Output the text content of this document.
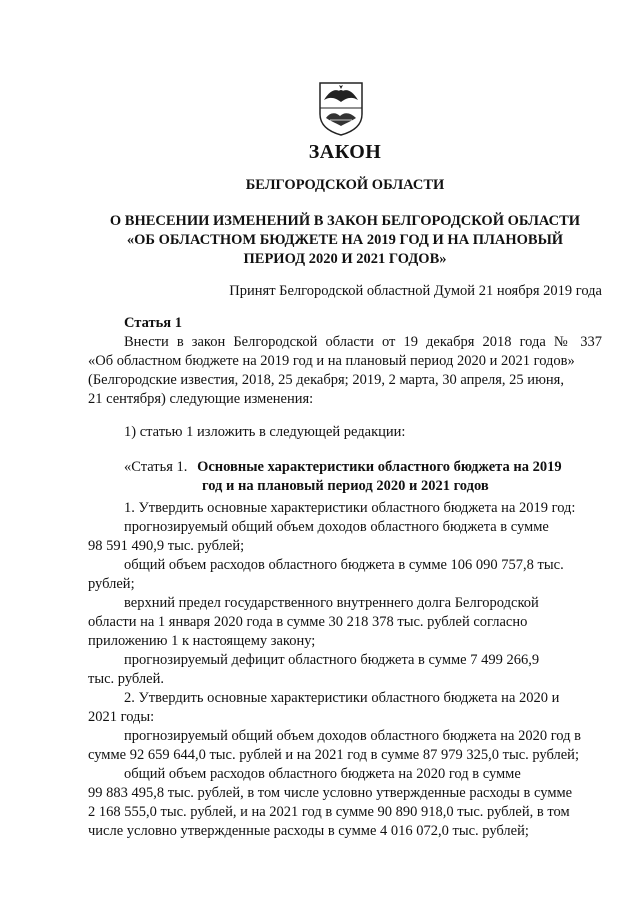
ЗАКОН
БЕЛГОРОДСКОЙ ОБЛАСТИ
О ВНЕСЕНИИ ИЗМЕНЕНИЙ В ЗАКОН БЕЛГОРОДСКОЙ ОБЛАСТИ
«ОБ ОБЛАСТНОМ БЮДЖЕТЕ НА 2019 ГОД И НА ПЛАНОВЫЙ
ПЕРИОД 2020 И 2021 ГОДОВ»
Принят Белгородской областной Думой 21 ноября 2019 года
Статья 1
Внести в закон Белгородской области от 19 декабря 2018 года № 337
«Об областном бюджете на 2019 год и на плановый период 2020 и 2021 годов»
(Белгородские известия, 2018, 25 декабря; 2019, 2 марта, 30 апреля, 25 июня,
21 сентября) следующие изменения:
1) статью 1 изложить в следующей редакции:
«Статья 1. Основные характеристики областного бюджета на 2019
год и на плановый период 2020 и 2021 годов
1. Утвердить основные характеристики областного бюджета на 2019 год:
прогнозируемый общий объем доходов областного бюджета в сумме
98 591 490,9 тыс. рублей;
общий объем расходов областного бюджета в сумме 106 090 757,8 тыс.
рублей;
верхний предел государственного внутреннего долга Белгородской
области на 1 января 2020 года в сумме 30 218 378 тыс. рублей согласно
приложению 1 к настоящему закону;
прогнозируемый дефицит областного бюджета в сумме 7 499 266,9
тыс. рублей.
2. Утвердить основные характеристики областного бюджета на 2020 и
2021 годы:
прогнозируемый общий объем доходов областного бюджета на 2020 год в
сумме 92 659 644,0 тыс. рублей и на 2021 год в сумме 87 979 325,0 тыс. рублей;
общий объем расходов областного бюджета на 2020 год в сумме
99 883 495,8 тыс. рублей, в том числе условно утвержденные расходы в сумме
2 168 555,0 тыс. рублей, и на 2021 год в сумме 90 890 918,0 тыс. рублей, в том
числе условно утвержденные расходы в сумме 4 016 072,0 тыс. рублей;
